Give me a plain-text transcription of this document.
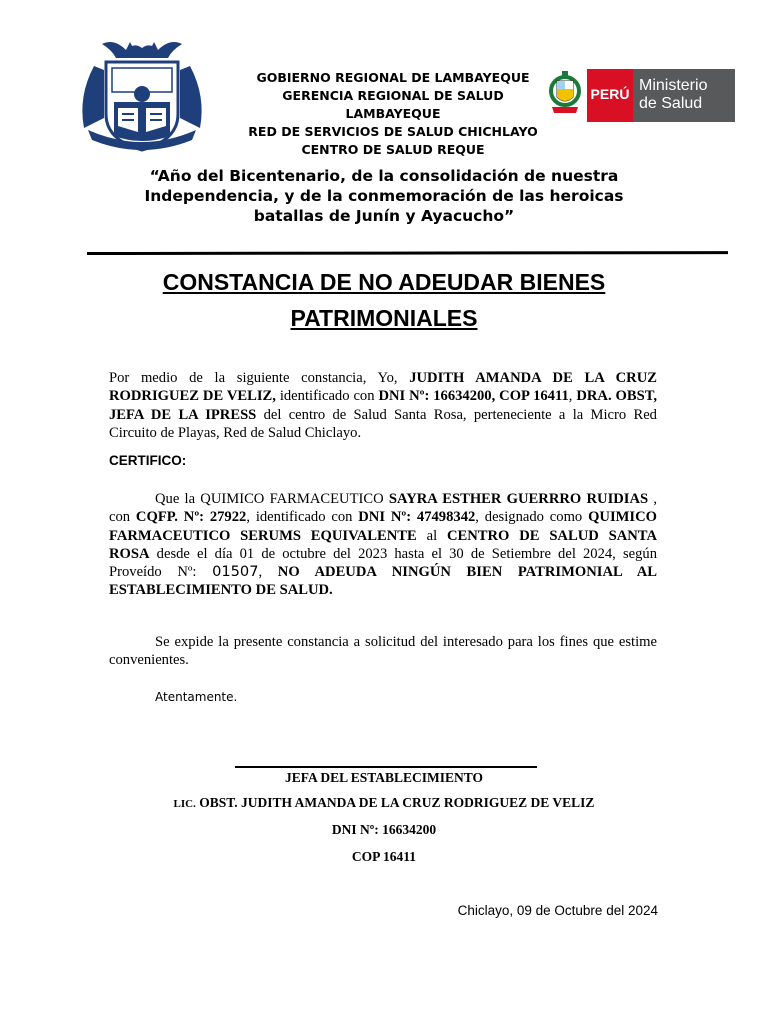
GOBIERNO REGIONAL DE LAMBAYEQUE
GERENCIA REGIONAL DE SALUD LAMBAYEQUE
RED DE SERVICIOS DE SALUD CHICHLAYO
CENTRO DE SALUD REQUE
PERÚ Ministerio
de Salud
“Año del Bicentenario, de la consolidación de nuestra
Independencia, y de la conmemoración de las heroicas
batallas de Junín y Ayacucho”
CONSTANCIA DE NO ADEUDAR BIENES
PATRIMONIALES
Por medio de la siguiente constancia, Yo, JUDITH AMANDA DE LA CRUZ RODRIGUEZ DE VELIZ, identificado con DNI Nº: 16634200, COP 16411, DRA. OBST, JEFA DE LA IPRESS del centro de Salud Santa Rosa, perteneciente a la Micro Red Circuito de Playas, Red de Salud Chiclayo.
CERTIFICO:
Que la QUIMICO FARMACEUTICO SAYRA ESTHER GUERRRO RUIDIAS , con CQFP. Nº: 27922, identificado con DNI Nº: 47498342, designado como QUIMICO FARMACEUTICO SERUMS EQUIVALENTE al CENTRO DE SALUD SANTA ROSA desde el día 01 de octubre del 2023 hasta el 30 de Setiembre del 2024, según Proveído Nº: 01507, NO ADEUDA NINGÚN BIEN PATRIMONIAL AL ESTABLECIMIENTO DE SALUD.
Se expide la presente constancia a solicitud del interesado para los fines que estime convenientes.
Atentamente.
JEFA DEL ESTABLECIMIENTO
LIC. OBST. JUDITH AMANDA DE LA CRUZ RODRIGUEZ DE VELIZ
DNI Nº: 16634200
COP 16411
Chiclayo, 09 de Octubre del 2024
